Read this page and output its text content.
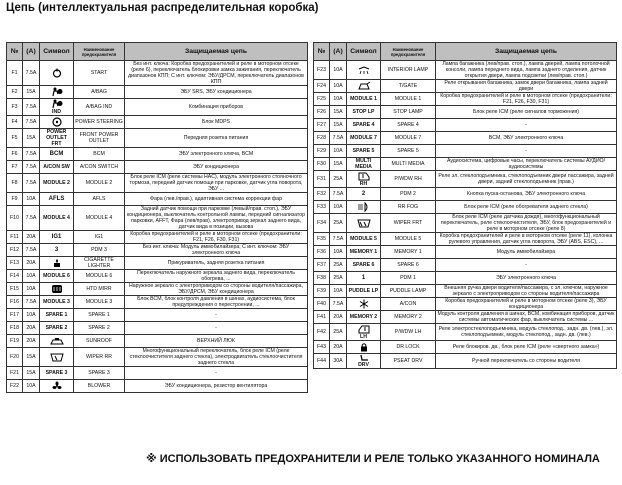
Цепь (интеллектуальная распределительная коробка)
№	(A)	Символ	Наименование предохранителя	Защищаемая цепь
F1	7.5A		START	Без инт. ключа: Коробка предохранителей и реле в моторном отсеке (реле 6), переключатель блокировки замка зажигания, переключатель диапазонов КПП; С инт. ключом: ЭБУ/ДРСМ, переключатель диапазонов КПП
F2	15A		A/BAG	ЭБУ SRS, ЭБУ кондиционера
F3	7.5A	IND	A/BAG IND	Комбинация приборов
F4	7.5A		POWER STEERING	Блок MDPS
F5	15A	POWER OUTLET FRT	FRONT POWER OUTLET	Передняя розетка питания
F6	7.5A	BCM	BCM	ЭБУ электронного ключа, BCM
F7	7.5A	A/CON SW	A/CON SWITCH	ЭБУ кондиционера
F8	7.5A	MODULE 2	MODULE 2	Блок реле ICM (реле системы HAC), модуль электронного стояночного тормоза, передний датчик помощи при парковке, датчик угла поворота, ЭБУ ...
F9	10A	AFLS	AFLS	Фара (лев./прав.), адаптивная система коррекции фар
F10	7.5A	MODULE 4	MODULE 4	Задний датчик помощи при парковке (левый/прав. стоп.), ЭБУ кондиционера, выключатель контрольной лампы, передний сигнализатор парковки, AFFT, Фара (лев/прав), электропривод зеркал заднего вида, датчик вида в позиции, вызова
F11	20A	IG1	IG1	Коробка предохранителей и реле в моторном отсеке (предохранители: F21, F26, F30, F31)
F12	7.5A	3	PDM 3	Без инт. ключа: Модуль иммобилайзера; С инт. ключом: ЭБУ электронного ключа
F13	20A		CIGARETTE LIGHTER	Прикуриватель, задняя розетка питания
F14	10A	MODULE 6	MODULE 6	Переключатель наружного зеркала заднего вида, переключатель обогрева, ...
F15	10A		HTD MIRR	Наружное зеркало с электроприводом со стороны водителя/пассажира, ЭБУ/ДРСМ, ЭБУ кондиционера
F16	7.5A	MODULE 3	MODULE 3	Блок BCM, блок контроля давления в шинах, аудиосистема, блок предупреждения о перестроении, ...
F17	10A	SPARE 1	SPARE 1	-
F18	20A	SPARE 2	SPARE 2	-
F19	20A		SUNROOF	ВЕРХНИЙ ЛЮК
F20	15A		WIPER RR	Многофункциональный переключатель, блок реле ICM (реле стеклоочистителя заднего стекла), электродвигатель стеклоочистителя заднего стекла
F21	15A	SPARE 3	SPARE 3	-
F22	10A		BLOWER	ЭБУ кондиционера, резистор вентилятора
№	(A)	Символ	Наименование предохранителя	Защищаемая цепь
F23	10A		INTERIOR LAMP	Лампа багажника (лев/прав. стоп.), лампа дверей, лампа потолочной консоли, лампа переднего вида, лампа заднего отделения, датчик открытия двери, лампа подсветки (лев/прав. стоп.)
F24	10A		T/GATE	Реле открывания багажника, замок двери багажника, лампа задней двери
F25	10A	MODULE 1	MODULE 1	Коробка предохранителей и реле в моторном отсеке (предохранители: F21, F26, F30, F31)
F26	15A	STOP LP	STOP LAMP	Блок реле ICM (реле сигналов торможения)
F27	15A	SPARE 4	SPARE 4	-
F28	7.5A	MODULE 7	MODULE 7	BCM, ЭБУ электронного ключа
F29	10A	SPARE 5	SPARE 5	-
F30	15A	MULTI MEDIA	MULTI MEDIA	Аудиосистема, цифровые часы, переключатель системы АУДИО/аудиосистемы
F31	25A	RH	P/WDW RH	Реле эл. стеклоподъемника, стеклоподъемник двери пассажира, задней двери, задний стеклоподъемник (прав.)
F32	7.5A	2	PDM 2	Кнопка пуска-останова, ЭБУ электронного ключа
F33	10A		RR FOG	Блок реле ICM (реле обогревателя заднего стекла)
F34	25A		WIPER FRT	Блок реле ICM (реле датчика дождя), многофункциональный переключатель, реле стеклоочистителя, ЭБУ, блок предохранителей и реле в моторном отсеке (реле 8)
F35	7.5A	MODULE 5	MODULE 5	Коробка предохранителей и реле в моторном отсеке (реле 11), колонка рулевого управления, датчик угла поворота, ЭБУ (ABS, ESC), ...
F36	10A	MEMORY 1	MEMORY 1	Модуль иммобилайзера
F37	25A	SPARE 6	SPARE 6	-
F38	25A	1	PDM 1	ЭБУ электронного ключа
F39	10A	PUDDLE LP	PUDDLE LAMP	Внешняя ручка двери водителя/пассажира, с эл. ключом, наружное зеркало с электроприводом со стороны водителя/пассажира
F40	7.5A		A/CON	Коробка предохранителей и реле в моторном отсеке (реле 3), ЭБУ кондиционера
F41	20A	MEMORY 2	MEMORY 2	Модуль контроля давления в шинах, BCM, комбинация приборов, датчик системы автоматических фар, выключатель системы ...
F42	25A	LH	P/WDW LH	Реле электростеклоподъемника, модуль стеклопод., задн. дв. (лев.), эл. стеклоподъемник, модуль стеклопод., задн. дв. (лев.)
F43	20A		DR LOCK	Реле блокиров. дв., блок реле ICM (реле «свертного замка»)
F44	30A	DRV	PSEAT DRV	Ручной переключатель со стороны водителя
※ ИСПОЛЬЗОВАТЬ ПРЕДОХРАНИТЕЛИ И РЕЛЕ ТОЛЬКО УКАЗАННОГО НОМИНАЛА
